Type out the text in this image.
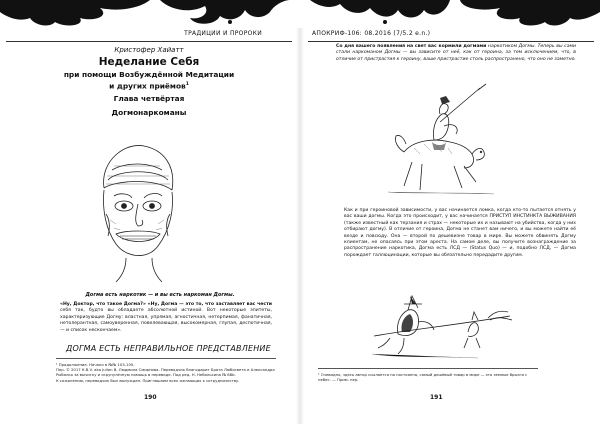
ТРАДИЦИИ И ПРОРОКИ
Кристофер Хайатт
Неделание Себя
при помощи Возбуждённой Медитации
и других приёмов$^1$
Глава четвёртая
Догмонаркоманы
Догма есть наркотик — и вы есть наркоман Догмы.
«Ну, Доктор, что такое Догма?» «Ну, Догма — это то, что заставляет вас чести себя так, будто вы обладаете абсолютной истиной. Вот некоторые эпитеты, характеризующие Догму: властная, упрямая, агностичная, нетерпимая, фанатичная, нетолерантная, самоуверенная, повелевающая, высокомерная, глупая, деспотичная, — и список нескончаем».
ДОГМА ЕСТЬ НЕПРАВИЛЬНОЕ ПРЕДСТАВЛЕНИЕ
¹ Продолжение. Начало в №№ 103-105.
Пер. © 2017 К.В.V. aka Julian B. Людмила Смирнова. Переводчик благодарит Брата Любосвета и Александра Рыбалко за вычитку и скрупулёзную помощь в переводе. Под ред. Н. Небольсина № 88b.
К сожалению, переводчик был вынужден. Приглашаем всех желающих к сотрудничеству.
190
АПОКРИФ-106: 08.2016 (7/5.2 e.n.)
Со дня вашего появления на свет вас кормили догмами наркотиком Догмы. Теперь вы сами стали наркоманом Догмы — вы зависите от неё, как от героина, за тем исключением, что, в отличие от пристрастия к героину, ваше пристрастие столь распространено, что оно не заметно.
Как и при героиновой зависимости, у вас начинается ломка, когда кто-то пытается отнять у вас ваши догмы. Когда это происходит, у вас начинается ПРИСТУП ИНСТИНКТА ВЫЖИВАНИЯ (также известный как терзания и страх — некоторые их и называют на убийства, когда у них отбирают догму). В отличие от героина, Догма не станет вам ничего, и вы можете найти её везде и повсюду. Она — второй по дешевизне товар в мире. Вы можете обвинять Догму клиентам, не опасаясь при этом ареста. На самом деле, вы получите вознаграждение за распространение наркотика, Догма есть ЛСД — (Status Quo) — и, подобно ЛСД, — Догма порождает галлюцинации, которые вы обязательно передадите другим.
¹ Очевидно, здесь автор ссылается на постоянно, самый дешёвый товар в мире — это земные брызги с небес. — Прим. пер.
191
